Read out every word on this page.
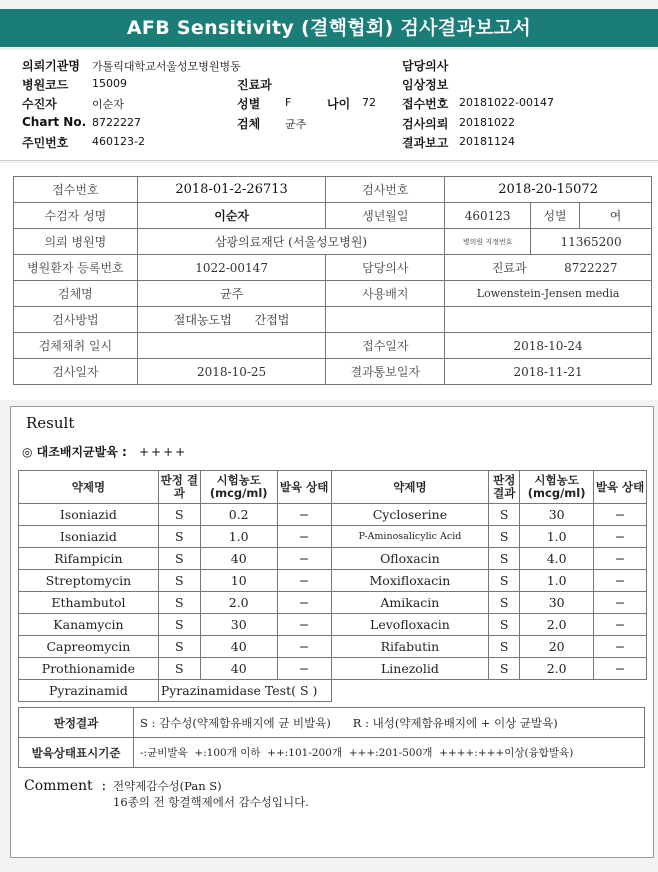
AFB Sensitivity (결핵협회) 검사결과보고서
의뢰기관명 가톨릭대학교서울성모병원병동
병원코드 15009
수진자	이순자
Chart No. 8722227
주민번호 460123-2
진료과
성별 F	나이 72
검체 균주
담당의사
임상정보
접수번호 20181022-00147
검사의뢰 20181022
결과보고 20181124
접수번호	2018-01-2-26713	검사번호	2018-20-15072		
수검자 성명	이순자	생년월일	460123	성별	여
의뢰 병원명	삼광의료재단 (서울성모병원)		병의원 지정번호	11365200	
병원환자 등록번호	1022-00147	담당의사	진료과	8722227	
검체명	균주	사용배지	Lowenstein-Jensen media		
검사방법	절대농도법 간접법				
검체채취 일시		접수일자	2018-10-24		
검사일자	2018-10-25	결과통보일자	2018-11-21		
Result
◎ 대조배지균발육 : ++++
약제명	판정 결과	시험농도 (mcg/ml)	발육 상태	약제명	판정 결과	시험농도 (mcg/ml)	발육 상태
Isoniazid	S	0.2	−	Cycloserine	S	30	−
Isoniazid	S	1.0	−	P-Aminosalicylic Acid	S	1.0	−
Rifampicin	S	40	−	Ofloxacin	S	4.0	−
Streptomycin	S	10	−	Moxifloxacin	S	1.0	−
Ethambutol	S	2.0	−	Amikacin	S	30	−
Kanamycin	S	30	−	Levofloxacin	S	2.0	−
Capreomycin	S	40	−	Rifabutin	S	20	−
Prothionamide	S	40	−	Linezolid	S	2.0	−
Pyrazinamid	Pyrazinamidase Test( S )						
판정결과	S : 감수성(약제함유배지에 균 비발육)      R : 내성(약제함유배지에 + 이상 균발육)
발육상태표시기준	-:균비발육  +:100개 이하  ++:101-200개  +++:201-500개  ++++:+++이상(융합발육)
Comment  : 전약제감수성(Pan S)
16종의 전 항결핵제에서 감수성입니다.
